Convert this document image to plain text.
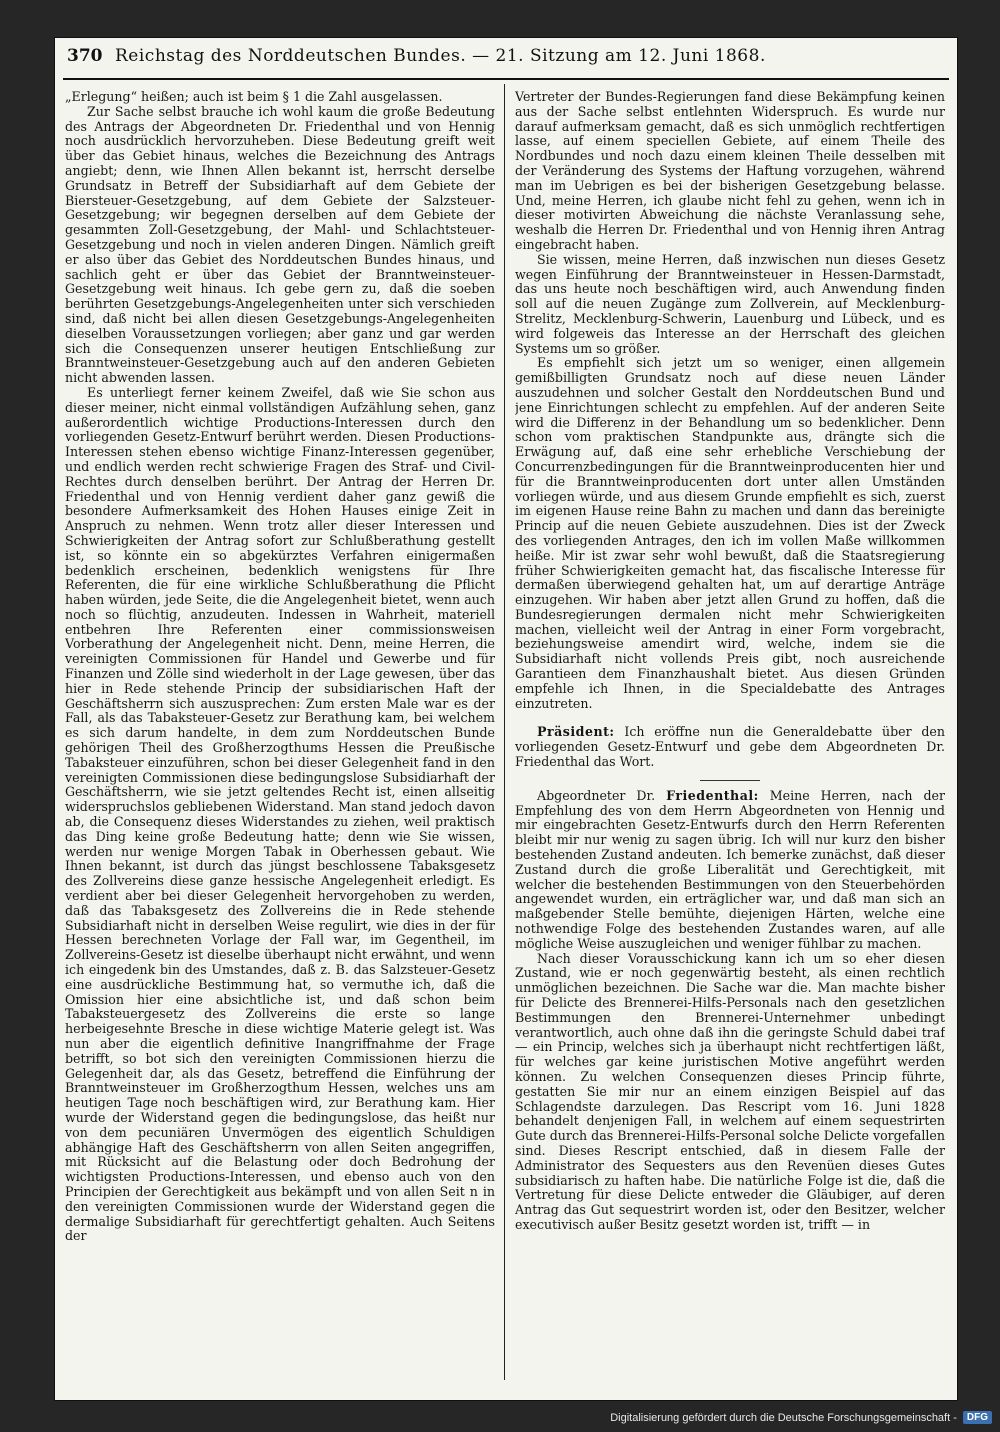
370 Reichstag des Norddeutschen Bundes. — 21. Sitzung am 12. Juni 1868.

„Erlegung“ heißen; auch ist beim § 1 die Zahl ausgelassen.

Zur Sache selbst brauche ich wohl kaum die große Bedeutung des Antrags der Abgeordneten Dr. Friedenthal und von Hennig noch ausdrücklich hervorzuheben. Diese Bedeutung greift weit über das Gebiet hinaus, welches die Bezeichnung des Antrags angiebt; denn, wie Ihnen Allen bekannt ist, herrscht derselbe Grundsatz in Betreff der Subsidiarhaft auf dem Gebiete der Biersteuer-Gesetzgebung, auf dem Gebiete der Salzsteuer-Gesetzgebung; wir begegnen derselben auf dem Gebiete der gesammten Zoll-Gesetzgebung, der Mahl- und Schlachtsteuer-Gesetzgebung und noch in vielen anderen Dingen. Nämlich greift er also über das Gebiet des Norddeutschen Bundes hinaus, und sachlich geht er über das Gebiet der Branntweinsteuer-Gesetzgebung weit hinaus. Ich gebe gern zu, daß die soeben berührten Gesetzgebungs-Angelegenheiten unter sich verschieden sind, daß nicht bei allen diesen Gesetzgebungs-Angelegenheiten dieselben Voraussetzungen vorliegen; aber ganz und gar werden sich die Consequenzen unserer heutigen Entschließung zur Branntweinsteuer-Gesetzgebung auch auf den anderen Gebieten nicht abwenden lassen.

Es unterliegt ferner keinem Zweifel, daß wie Sie schon aus dieser meiner, nicht einmal vollständigen Aufzählung sehen, ganz außerordentlich wichtige Productions-Interessen durch den vorliegenden Gesetz-Entwurf berührt werden. Diesen Productions-Interessen stehen ebenso wichtige Finanz-Interessen gegenüber, und endlich werden recht schwierige Fragen des Straf- und Civil-Rechtes durch denselben berührt. Der Antrag der Herren Dr. Friedenthal und von Hennig verdient daher ganz gewiß die besondere Aufmerksamkeit des Hohen Hauses einige Zeit in Anspruch zu nehmen. Wenn trotz aller dieser Interessen und Schwierigkeiten der Antrag sofort zur Schlußberathung gestellt ist, so könnte ein so abgekürztes Verfahren einigermaßen bedenklich erscheinen, bedenklich wenigstens für Ihre Referenten, die für eine wirkliche Schlußberathung die Pflicht haben würden, jede Seite, die die Angelegenheit bietet, wenn auch noch so flüchtig, anzudeuten. Indessen in Wahrheit, materiell entbehren Ihre Referenten einer commissionsweisen Vorberathung der Angelegenheit nicht. Denn, meine Herren, die vereinigten Commissionen für Handel und Gewerbe und für Finanzen und Zölle sind wiederholt in der Lage gewesen, über das hier in Rede stehende Princip der subsidiarischen Haft der Geschäftsherrn sich auszusprechen: Zum ersten Male war es der Fall, als das Tabaksteuer-Gesetz zur Berathung kam, bei welchem es sich darum handelte, in dem zum Norddeutschen Bunde gehörigen Theil des Großherzogthums Hessen die Preußische Tabaksteuer einzuführen, schon bei dieser Gelegenheit fand in den vereinigten Commissionen diese bedingungslose Subsidiarhaft der Geschäftsherrn, wie sie jetzt geltendes Recht ist, einen allseitig widerspruchslos gebliebenen Widerstand. Man stand jedoch davon ab, die Consequenz dieses Widerstandes zu ziehen, weil praktisch das Ding keine große Bedeutung hatte; denn wie Sie wissen, werden nur wenige Morgen Tabak in Oberhessen gebaut. Wie Ihnen bekannt, ist durch das jüngst beschlossene Tabaksgesetz des Zollvereins diese ganze hessische Angelegenheit erledigt. Es verdient aber bei dieser Gelegenheit hervorgehoben zu werden, daß das Tabaksgesetz des Zollvereins die in Rede stehende Subsidiarhaft nicht in derselben Weise regulirt, wie dies in der für Hessen berechneten Vorlage der Fall war, im Gegentheil, im Zollvereins-Gesetz ist dieselbe überhaupt nicht erwähnt, und wenn ich eingedenk bin des Umstandes, daß z. B. das Salzsteuer-Gesetz eine ausdrückliche Bestimmung hat, so vermuthe ich, daß die Omission hier eine absichtliche ist, und daß schon beim Tabaksteuergesetz des Zollvereins die erste so lange herbeigesehnte Bresche in diese wichtige Materie gelegt ist. Was nun aber die eigentlich definitive Inangriffnahme der Frage betrifft, so bot sich den vereinigten Commissionen hierzu die Gelegenheit dar, als das Gesetz, betreffend die Einführung der Branntweinsteuer im Großherzogthum Hessen, welches uns am heutigen Tage noch beschäftigen wird, zur Berathung kam. Hier wurde der Widerstand gegen die bedingungslose, das heißt nur von dem pecuniären Unvermögen des eigentlich Schuldigen abhängige Haft des Geschäftsherrn von allen Seiten angegriffen, mit Rücksicht auf die Belastung oder doch Bedrohung der wichtigsten Productions-Interessen, und ebenso auch von den Principien der Gerechtigkeit aus bekämpft und von allen Seit n in den vereinigten Commissionen wurde der Widerstand gegen die dermalige Subsidiarhaft für gerechtfertigt gehalten. Auch Seitens der

Vertreter der Bundes-Regierungen fand diese Bekämpfung keinen aus der Sache selbst entlehnten Widerspruch. Es wurde nur darauf aufmerksam gemacht, daß es sich unmöglich rechtfertigen lasse, auf einem speciellen Gebiete, auf einem Theile des Nordbundes und noch dazu einem kleinen Theile desselben mit der Veränderung des Systems der Haftung vorzugehen, während man im Uebrigen es bei der bisherigen Gesetzgebung belasse. Und, meine Herren, ich glaube nicht fehl zu gehen, wenn ich in dieser motivirten Abweichung die nächste Veranlassung sehe, weshalb die Herren Dr. Friedenthal und von Hennig ihren Antrag eingebracht haben.

Sie wissen, meine Herren, daß inzwischen nun dieses Gesetz wegen Einführung der Branntweinsteuer in Hessen-Darmstadt, das uns heute noch beschäftigen wird, auch Anwendung finden soll auf die neuen Zugänge zum Zollverein, auf Mecklenburg-Strelitz, Mecklenburg-Schwerin, Lauenburg und Lübeck, und es wird folgeweis das Interesse an der Herrschaft des gleichen Systems um so größer.

Es empfiehlt sich jetzt um so weniger, einen allgemein gemißbilligten Grundsatz noch auf diese neuen Länder auszudehnen und solcher Gestalt den Norddeutschen Bund und jene Einrichtungen schlecht zu empfehlen. Auf der anderen Seite wird die Differenz in der Behandlung um so bedenklicher. Denn schon vom praktischen Standpunkte aus, drängte sich die Erwägung auf, daß eine sehr erhebliche Verschiebung der Concurrenzbedingungen für die Branntweinproducenten hier und für die Branntweinproducenten dort unter allen Umständen vorliegen würde, und aus diesem Grunde empfiehlt es sich, zuerst im eigenen Hause reine Bahn zu machen und dann das bereinigte Princip auf die neuen Gebiete auszudehnen. Dies ist der Zweck des vorliegenden Antrages, den ich im vollen Maße willkommen heiße. Mir ist zwar sehr wohl bewußt, daß die Staatsregierung früher Schwierigkeiten gemacht hat, das fiscalische Interesse für dermaßen überwiegend gehalten hat, um auf derartige Anträge einzugehen. Wir haben aber jetzt allen Grund zu hoffen, daß die Bundesregierungen dermalen nicht mehr Schwierigkeiten machen, vielleicht weil der Antrag in einer Form vorgebracht, beziehungsweise amendirt wird, welche, indem sie die Subsidiarhaft nicht vollends Preis gibt, noch ausreichende Garantieen dem Finanzhaushalt bietet. Aus diesen Gründen empfehle ich Ihnen, in die Specialdebatte des Antrages einzutreten.

Präsident: Ich eröffne nun die Generaldebatte über den vorliegenden Gesetz-Entwurf und gebe dem Abgeordneten Dr. Friedenthal das Wort.

Abgeordneter Dr. Friedenthal: Meine Herren, nach der Empfehlung des von dem Herrn Abgeordneten von Hennig und mir eingebrachten Gesetz-Entwurfs durch den Herrn Referenten bleibt mir nur wenig zu sagen übrig. Ich will nur kurz den bisher bestehenden Zustand andeuten. Ich bemerke zunächst, daß dieser Zustand durch die große Liberalität und Gerechtigkeit, mit welcher die bestehenden Bestimmungen von den Steuerbehörden angewendet wurden, ein erträglicher war, und daß man sich an maßgebender Stelle bemühte, diejenigen Härten, welche eine nothwendige Folge des bestehenden Zustandes waren, auf alle mögliche Weise auszugleichen und weniger fühlbar zu machen.

Nach dieser Vorausschickung kann ich um so eher diesen Zustand, wie er noch gegenwärtig besteht, als einen rechtlich unmöglichen bezeichnen. Die Sache war die. Man machte bisher für Delicte des Brennerei-Hilfs-Personals nach den gesetzlichen Bestimmungen den Brennerei-Unternehmer unbedingt verantwortlich, auch ohne daß ihn die geringste Schuld dabei traf — ein Princip, welches sich ja überhaupt nicht rechtfertigen läßt, für welches gar keine juristischen Motive angeführt werden können. Zu welchen Consequenzen dieses Princip führte, gestatten Sie mir nur an einem einzigen Beispiel auf das Schlagendste darzulegen. Das Rescript vom 16. Juni 1828 behandelt denjenigen Fall, in welchem auf einem sequestrirten Gute durch das Brennerei-Hilfs-Personal solche Delicte vorgefallen sind. Dieses Rescript entschied, daß in diesem Falle der Administrator des Sequesters aus den Revenüen dieses Gutes subsidiarisch zu haften habe. Die natürliche Folge ist die, daß die Vertretung für diese Delicte entweder die Gläubiger, auf deren Antrag das Gut sequestrirt worden ist, oder den Besitzer, welcher executivisch außer Besitz gesetzt worden ist, trifft — in

Digitalisierung gefördert durch die Deutsche Forschungsgemeinschaft -	DFG
